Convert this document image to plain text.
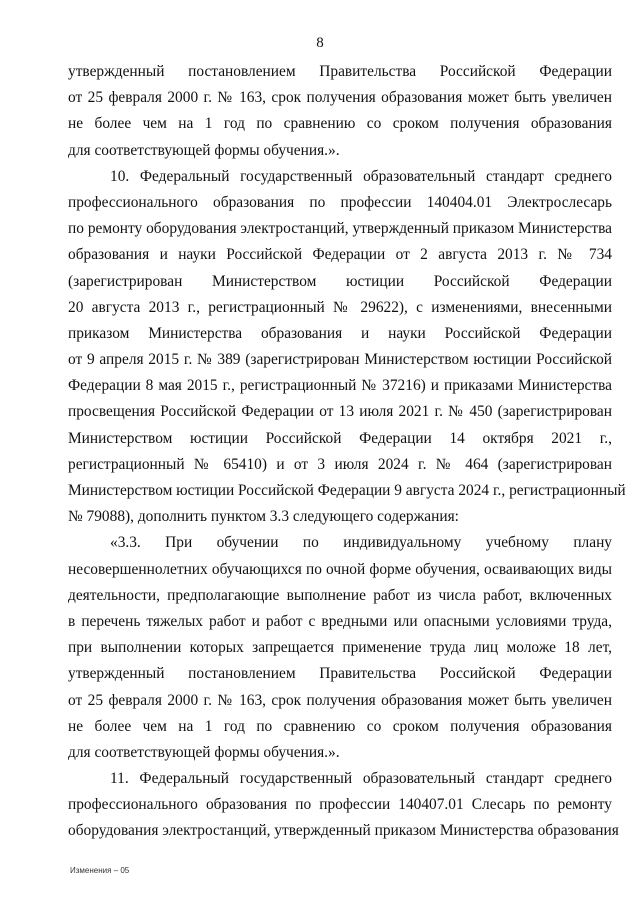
8
утвержденный постановлением Правительства Российской Федерации
от 25 февраля 2000 г. № 163, срок получения образования может быть увеличен
не более чем на 1 год по сравнению со сроком получения образования
для соответствующей формы обучения.».
10. Федеральный государственный образовательный стандарт среднего
профессионального образования по профессии 140404.01 Электрослесарь
по ремонту оборудования электростанций, утвержденный приказом Министерства
образования и науки Российской Федерации от 2 августа 2013 г. № 734
(зарегистрирован Министерством юстиции Российской Федерации
20 августа 2013 г., регистрационный № 29622), с изменениями, внесенными
приказом Министерства образования и науки Российской Федерации
от 9 апреля 2015 г. № 389 (зарегистрирован Министерством юстиции Российской
Федерации 8 мая 2015 г., регистрационный № 37216) и приказами Министерства
просвещения Российской Федерации от 13 июля 2021 г. № 450 (зарегистрирован
Министерством юстиции Российской Федерации 14 октября 2021 г.,
регистрационный № 65410) и от 3 июля 2024 г. № 464 (зарегистрирован
Министерством юстиции Российской Федерации 9 августа 2024 г., регистрационный
№ 79088), дополнить пунктом 3.3 следующего содержания:
«3.3. При обучении по индивидуальному учебному плану
несовершеннолетних обучающихся по очной форме обучения, осваивающих виды
деятельности, предполагающие выполнение работ из числа работ, включенных
в перечень тяжелых работ и работ с вредными или опасными условиями труда,
при выполнении которых запрещается применение труда лиц моложе 18 лет,
утвержденный постановлением Правительства Российской Федерации
от 25 февраля 2000 г. № 163, срок получения образования может быть увеличен
не более чем на 1 год по сравнению со сроком получения образования
для соответствующей формы обучения.».
11. Федеральный государственный образовательный стандарт среднего
профессионального образования по профессии 140407.01 Слесарь по ремонту
оборудования электростанций, утвержденный приказом Министерства образования
Изменения – 05
